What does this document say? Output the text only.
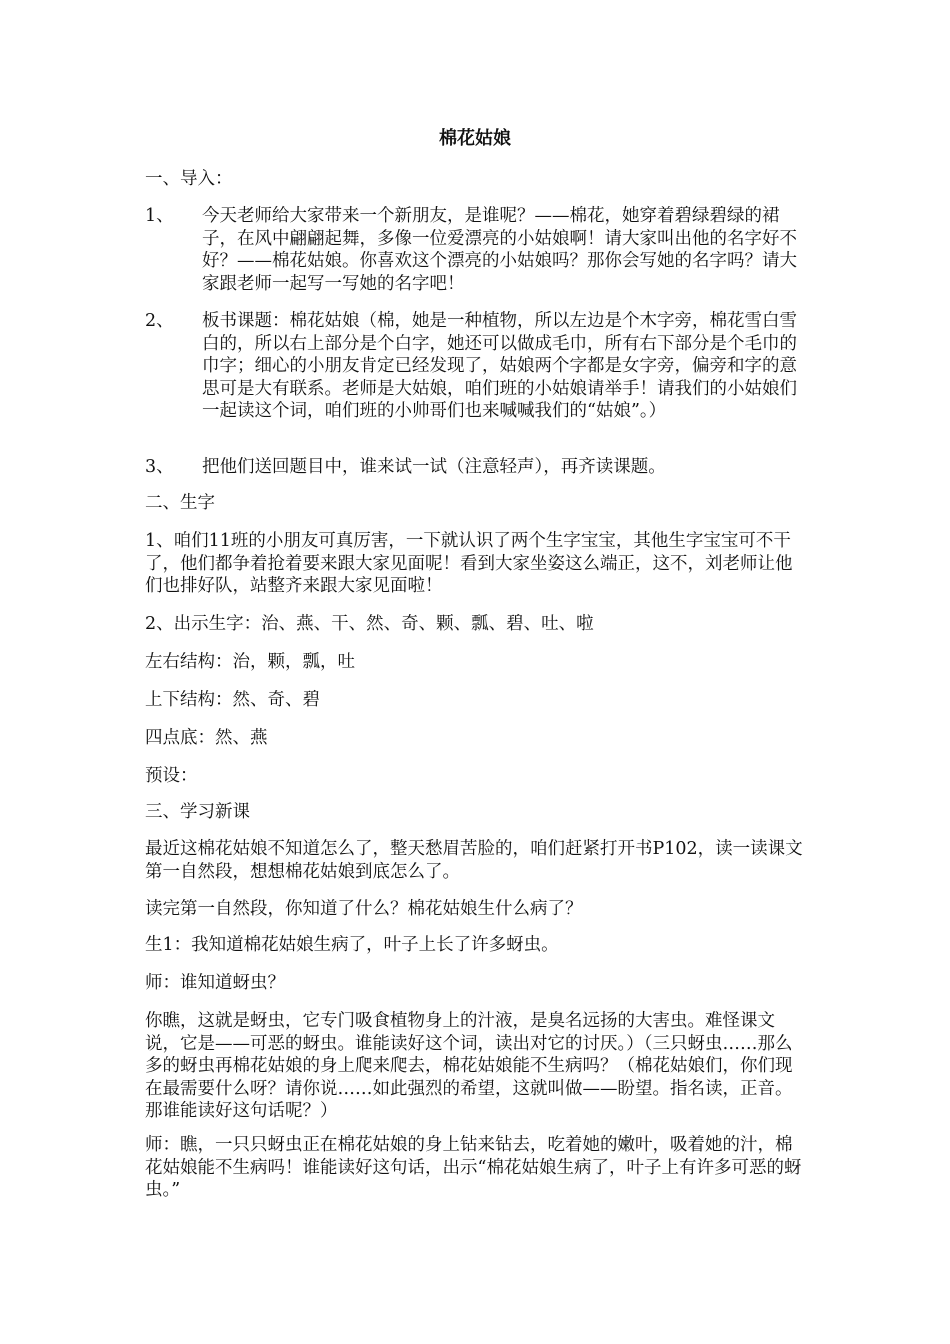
棉花姑娘

一、导入：

1、 今天老师给大家带来一个新朋友，是谁呢？——棉花，她穿着碧绿碧绿的裙子，在风中翩翩起舞，多像一位爱漂亮的小姑娘啊！请大家叫出他的名字好不好？——棉花姑娘。你喜欢这个漂亮的小姑娘吗？那你会写她的名字吗？请大家跟老师一起写一写她的名字吧！

2、 板书课题：棉花姑娘（棉，她是一种植物，所以左边是个木字旁，棉花雪白雪白的，所以右上部分是个白字，她还可以做成毛巾，所有右下部分是个毛巾的巾字；细心的小朋友肯定已经发现了，姑娘两个字都是女字旁，偏旁和字的意思可是大有联系。老师是大姑娘，咱们班的小姑娘请举手！请我们的小姑娘们一起读这个词，咱们班的小帅哥们也来喊喊我们的“姑娘”。）

3、 把他们送回题目中，谁来试一试（注意轻声），再齐读课题。

二、生字

1、咱们11班的小朋友可真厉害，一下就认识了两个生字宝宝，其他生字宝宝可不干了，他们都争着抢着要来跟大家见面呢！看到大家坐姿这么端正，这不，刘老师让他们也排好队，站整齐来跟大家见面啦！

2、出示生字：治、燕、干、然、奇、颗、瓢、碧、吐、啦

左右结构：治，颗，瓢，吐

上下结构：然、奇、碧

四点底：然、燕

预设：

三、学习新课

最近这棉花姑娘不知道怎么了，整天愁眉苦脸的，咱们赶紧打开书P102，读一读课文第一自然段，想想棉花姑娘到底怎么了。

读完第一自然段，你知道了什么？棉花姑娘生什么病了？

生1：我知道棉花姑娘生病了，叶子上长了许多蚜虫。

师：谁知道蚜虫？

你瞧，这就是蚜虫，它专门吸食植物身上的汁液，是臭名远扬的大害虫。难怪课文说，它是——可恶的蚜虫。谁能读好这个词，读出对它的讨厌。）（三只蚜虫……那么多的蚜虫再棉花姑娘的身上爬来爬去，棉花姑娘能不生病吗？（棉花姑娘们，你们现在最需要什么呀？请你说……如此强烈的希望，这就叫做——盼望。指名读，正音。那谁能读好这句话呢？）

师：瞧，一只只蚜虫正在棉花姑娘的身上钻来钻去，吃着她的嫩叶，吸着她的汁，棉花姑娘能不生病吗！谁能读好这句话，出示“棉花姑娘生病了，叶子上有许多可恶的蚜虫。”
